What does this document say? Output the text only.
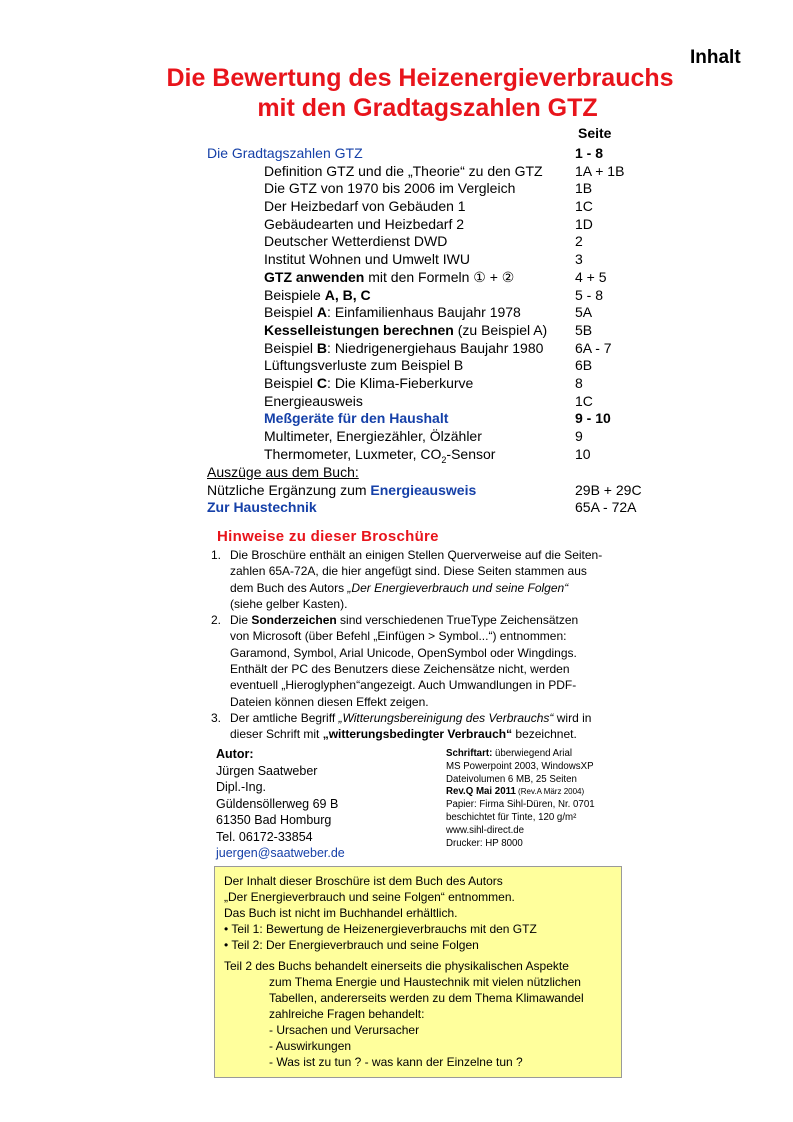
Inhalt
Die Bewertung des Heizenergieverbrauchs
mit den Gradtagszahlen GTZ
Seite
Die Gradtagszahlen GTZ	1 - 8
Definition GTZ und die „Theorie“ zu den GTZ 1A + 1B
Die GTZ von 1970 bis 2006 im Vergleich	1B
Der Heizbedarf von Gebäuden 1	1C
Gebäudearten und Heizbedarf 2	1D
Deutscher Wetterdienst DWD	2
Institut Wohnen und Umwelt IWU	3
GTZ anwenden mit den Formeln ① + ②	4 + 5
Beispiele A, B, C	5 - 8
Beispiel A: Einfamilienhaus Baujahr 1978	5A
Kesselleistungen berechnen (zu Beispiel A) 5B
Beispiel B: Niedrigenergiehaus Baujahr 1980 6A - 7
Lüftungsverluste zum Beispiel B	6B
Beispiel C: Die Klima-Fieberkurve	8
Energieausweis	1C
Meßgeräte für den Haushalt	9 - 10
Multimeter, Energiezähler, Ölzähler	9
Thermometer, Luxmeter, $CO_2$-Sensor	10
Auszüge aus dem Buch:
Nützliche Ergänzung zum Energieausweis	29B + 29C
Zur Haustechnik	65A - 72A
Hinweise zu dieser Broschüre
1. Die Broschüre enthält an einigen Stellen Querverweise auf die Seiten-
zahlen 65A-72A, die hier angefügt sind. Diese Seiten stammen aus
dem Buch des Autors „Der Energieverbrauch und seine Folgen“
(siehe gelber Kasten).
2. Die Sonderzeichen sind verschiedenen TrueType Zeichensätzen
von Microsoft (über Befehl „Einfügen > Symbol...“) entnommen:
Garamond, Symbol, Arial Unicode, OpenSymbol oder Wingdings.
Enthält der PC des Benutzers diese Zeichensätze nicht, werden
eventuell „Hieroglyphen“angezeigt. Auch Umwandlungen in PDF-
Dateien können diesen Effekt zeigen.
3. Der amtliche Begriff „Witterungsbereinigung des Verbrauchs“ wird in
dieser Schrift mit „witterungsbedingter Verbrauch“ bezeichnet.
Autor:
Jürgen Saatweber
Dipl.-Ing.
Güldensöllerweg 69 B
61350 Bad Homburg
Tel. 06172-33854
juergen@saatweber.de
Schriftart: überwiegend Arial
MS Powerpoint 2003, WindowsXP
Dateivolumen 6 MB, 25 Seiten
Rev.Q Mai 2011 (Rev.A März 2004)
Papier: Firma Sihl-Düren, Nr. 0701
beschichtet für Tinte, 120 g/m²
www.sihl-direct.de
Drucker: HP 8000
Der Inhalt dieser Broschüre ist dem Buch des Autors
„Der Energieverbrauch und seine Folgen“ entnommen.
Das Buch ist nicht im Buchhandel erhältlich.
• Teil 1: Bewertung de Heizenergieverbrauchs mit den GTZ
• Teil 2: Der Energieverbrauch und seine Folgen
Teil 2 des Buchs behandelt einerseits die physikalischen Aspekte
zum Thema Energie und Haustechnik mit vielen nützlichen
Tabellen, andererseits werden zu dem Thema Klimawandel
zahlreiche Fragen behandelt:
- Ursachen und Verursacher
- Auswirkungen
- Was ist zu tun ? - was kann der Einzelne tun ?
